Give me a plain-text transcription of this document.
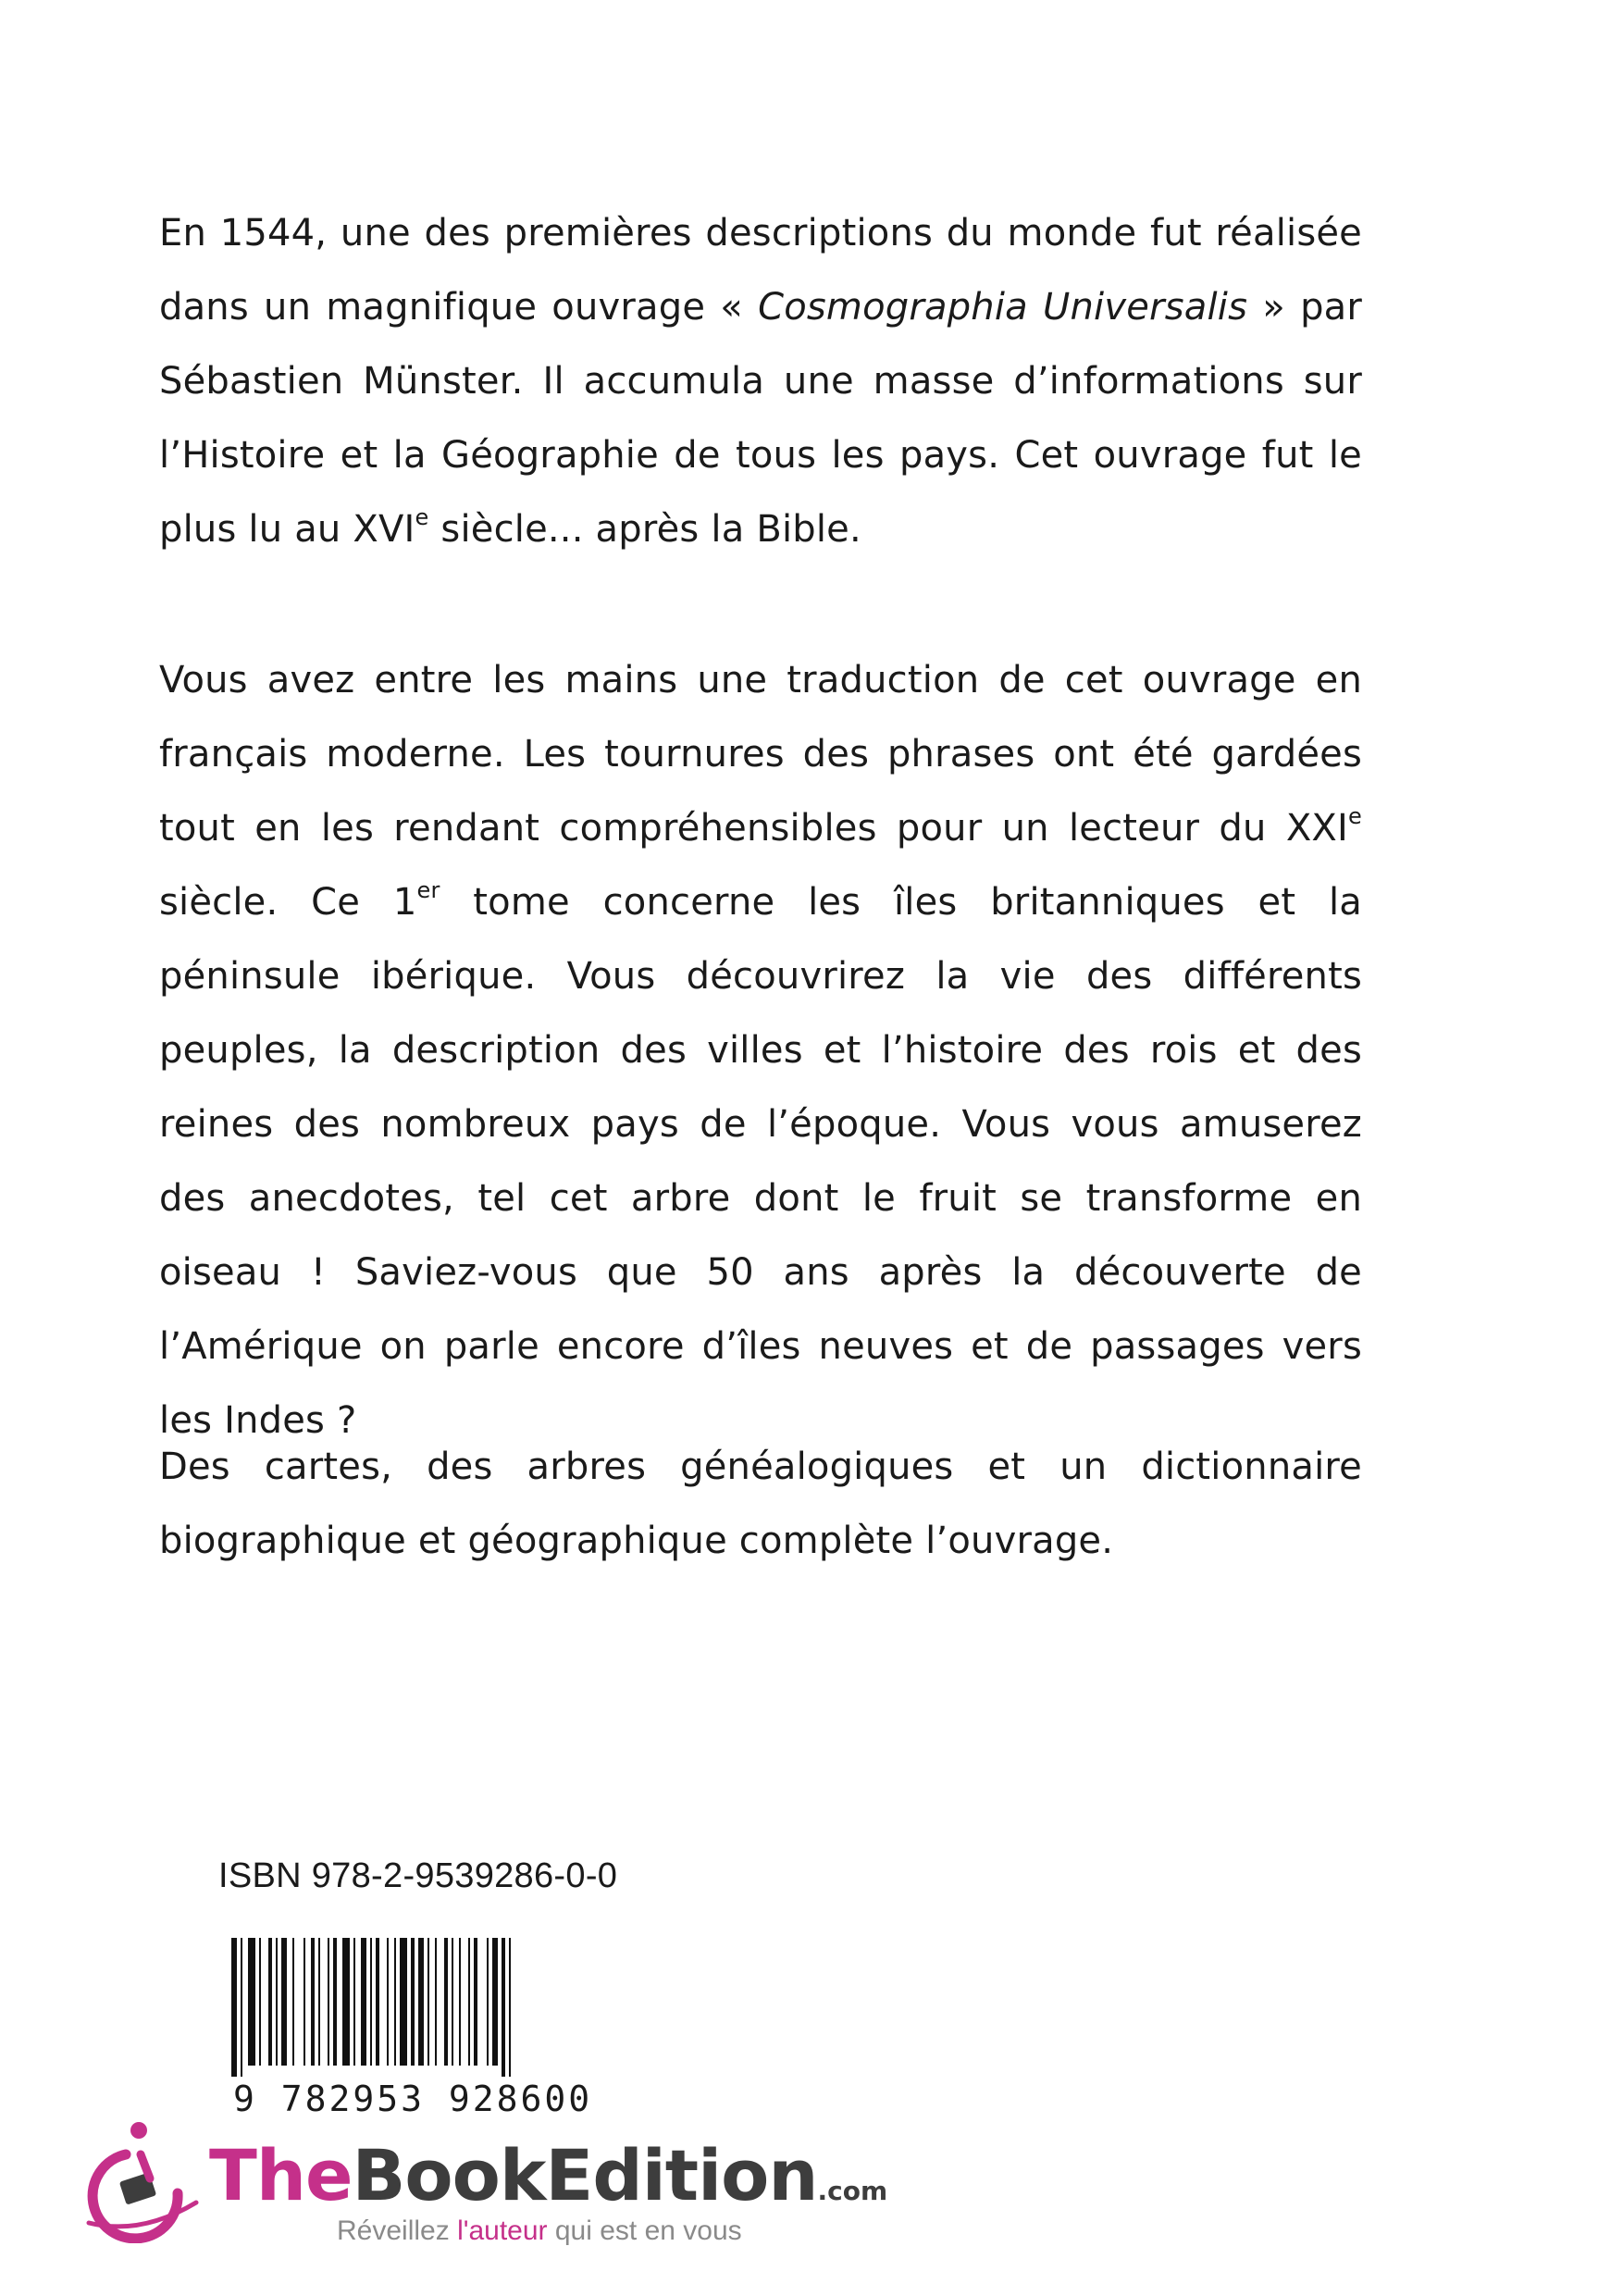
En 1544, une des premières descriptions du monde fut réalisée dans un magnifique ouvrage « Cosmographia Universalis » par Sébastien Münster. Il accumula une masse d’informations sur l’Histoire et la Géographie de tous les pays. Cet ouvrage fut le plus lu au XVIe siècle... après la Bible.

Vous avez entre les mains une traduction de cet ouvrage en français moderne. Les tournures des phrases ont été gardées tout en les rendant compréhensibles pour un lecteur du XXIe siècle. Ce 1er tome concerne les îles britanniques et la péninsule ibérique. Vous découvrirez la vie des différents peuples, la description des villes et l’histoire des rois et des reines des nombreux pays de l’époque. Vous vous amuserez des anecdotes, tel cet arbre dont le fruit se transforme en oiseau ! Saviez-vous que 50 ans après la découverte de l’Amérique on parle encore d’îles neuves et de passages vers les Indes ?

Des cartes, des arbres généalogiques et un dictionnaire biographique et géographique complète l’ouvrage.

ISBN 978-2-9539286-0-0
9 782953 928600
TheBookEdition.com
Réveillez l'auteur qui est en vous
